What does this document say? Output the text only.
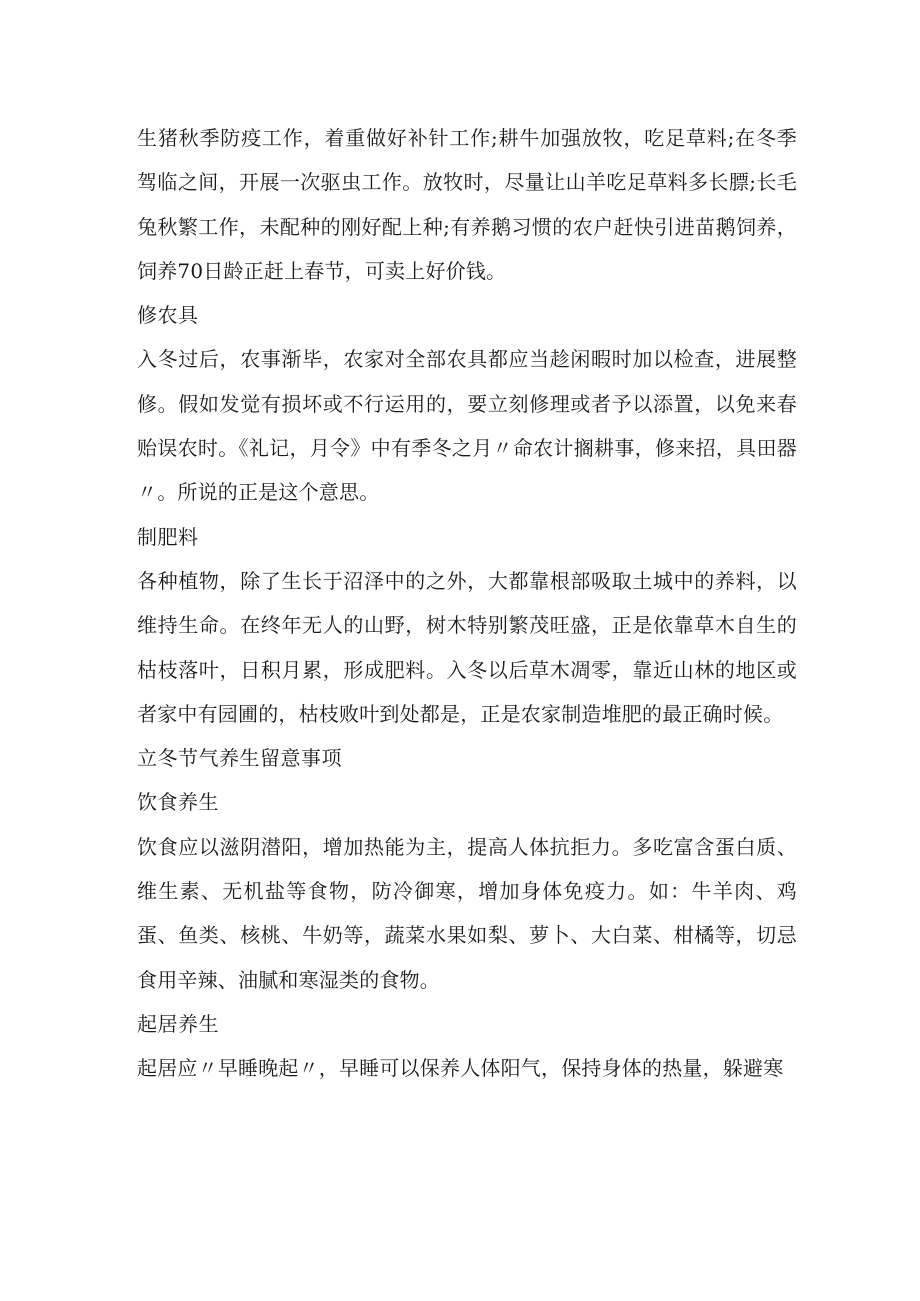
生猪秋季防疫工作，着重做好补针工作;耕牛加强放牧，吃足草料;在冬季驾临之间，开展一次驱虫工作。放牧时，尽量让山羊吃足草料多长膘;长毛兔秋繁工作，未配种的刚好配上种;有养鹅习惯的农户赶快引进苗鹅饲养，饲养70日龄正赶上春节，可卖上好价钱。

修农具

入冬过后，农事渐毕，农家对全部农具都应当趁闲暇时加以检查，进展整修。假如发觉有损坏或不行运用的，要立刻修理或者予以添置，以免来春贻误农时。《礼记，月令》中有季冬之月〃命农计搁耕事，修来招，具田器〃。所说的正是这个意思。

制肥料

各种植物，除了生长于沼泽中的之外，大都靠根部吸取土城中的养料，以维持生命。在终年无人的山野，树木特别繁茂旺盛，正是依靠草木自生的枯枝落叶，日积月累，形成肥料。入冬以后草木凋零，靠近山林的地区或者家中有园圃的，枯枝败叶到处都是，正是农家制造堆肥的最正确时候。

立冬节气养生留意事项

饮食养生

饮食应以滋阴潜阳，增加热能为主，提高人体抗拒力。多吃富含蛋白质、维生素、无机盐等食物，防冷御寒，增加身体免疫力。如：牛羊肉、鸡蛋、鱼类、核桃、牛奶等，蔬菜水果如梨、萝卜、大白菜、柑橘等，切忌食用辛辣、油腻和寒湿类的食物。

起居养生

起居应〃早睡晚起〃，早睡可以保养人体阳气，保持身体的热量，躲避寒
